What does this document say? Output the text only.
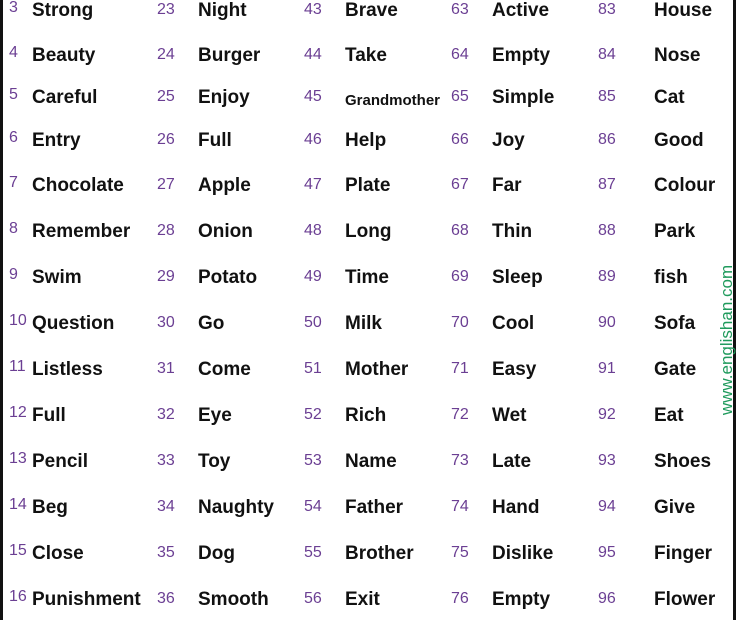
3 Strong
4 Beauty
5 Careful
6 Entry
7 Chocolate
8 Remember
9 Swim
10 Question
11 Listless
12 Full
13 Pencil
14 Beg
15 Close
16 Punishment
23 Night
24 Burger
25 Enjoy
26 Full
27 Apple
28 Onion
29 Potato
30 Go
31 Come
32 Eye
33 Toy
34 Naughty
35 Dog
36 Smooth
43 Brave
44 Take
45 Grandmother
46 Help
47 Plate
48 Long
49 Time
50 Milk
51 Mother
52 Rich
53 Name
54 Father
55 Brother
56 Exit
63 Active
64 Empty
65 Simple
66 Joy
67 Far
68 Thin
69 Sleep
70 Cool
71 Easy
72 Wet
73 Late
74 Hand
75 Dislike
76 Empty
83 House
84 Nose
85 Cat
86 Good
87 Colour
88 Park
89 fish
90 Sofa
91 Gate
92 Eat
93 Shoes
94 Give
95 Finger
96 Flower
www.englishan.com
